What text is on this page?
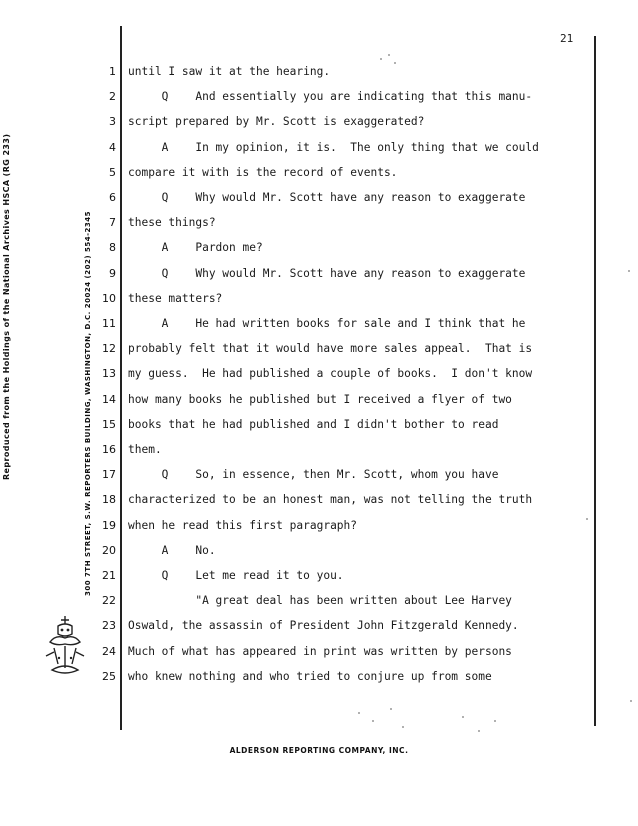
21
Reproduced from the Holdings of the National Archives HSCA (RG 233)	300 7TH STREET, S.W. REPORTERS BUILDING, WASHINGTON, D.C. 20024 (202) 554-2345
1 until I saw it at the hearing.
2 Q    And essentially you are indicating that this manu-
3 script prepared by Mr. Scott is exaggerated?
4 A    In my opinion, it is.  The only thing that we could
5 compare it with is the record of events.
6 Q    Why would Mr. Scott have any reason to exaggerate
7 these things?
8 A    Pardon me?
9 Q    Why would Mr. Scott have any reason to exaggerate
10 these matters?
11 A    He had written books for sale and I think that he
12 probably felt that it would have more sales appeal.  That is
13 my guess.  He had published a couple of books.  I don't know
14 how many books he published but I received a flyer of two
15 books that he had published and I didn't bother to read
16 them.
17 Q    So, in essence, then Mr. Scott, whom you have
18 characterized to be an honest man, was not telling the truth
19 when he read this first paragraph?
20 A    No.
21 Q    Let me read it to you.
22 "A great deal has been written about Lee Harvey
23 Oswald, the assassin of President John Fitzgerald Kennedy.
24 Much of what has appeared in print was written by persons
25 who knew nothing and who tried to conjure up from some
ALDERSON REPORTING COMPANY, INC.
